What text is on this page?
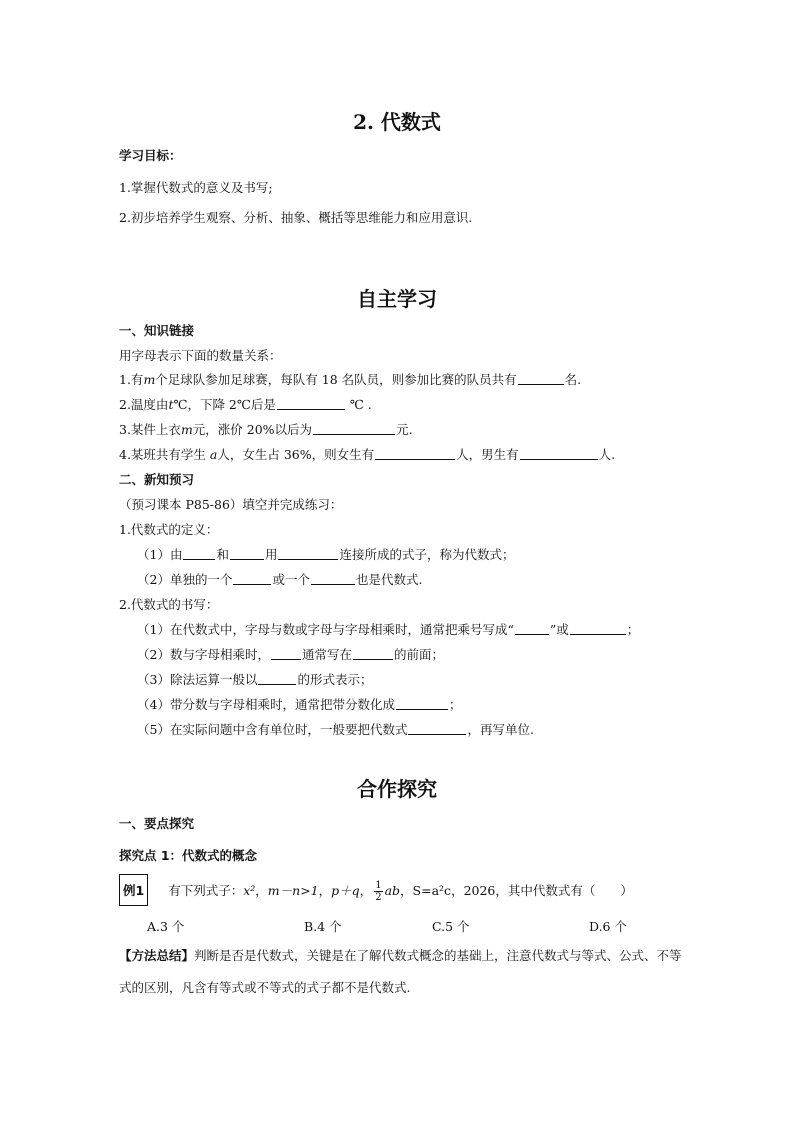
2. 代数式
学习目标：
1.掌握代数式的意义及书写;
2.初步培养学生观察、分析、抽象、概括等思维能力和应用意识.
自主学习
一、知识链接
用字母表示下面的数量关系：
1.有m个足球队参加足球赛，每队有 18 名队员，则参加比赛的队员共有	名.
2.温度由t℃，下降 2℃后是	℃ .
3.某件上衣m元，涨价 20%以后为	元.
4.某班共有学生 a人，女生占 36%，则女生有	人，男生有	人.
二、新知预习
（预习课本 P85-86）填空并完成练习：
1.代数式的定义：
（1）由	和	用	连接所成的式子，称为代数式；
（2）单独的一个	或一个	也是代数式.
2.代数式的书写：
（1）在代数式中，字母与数或字母与字母相乘时，通常把乘号写成“	”或	；
（2）数与字母相乘时，	通常写在	的前面；
（3）除法运算一般以	的形式表示；
（4）带分数与字母相乘时，通常把带分数化成	；
（5）在实际问题中含有单位时，一般要把代数式	，再写单位.
合作探究
一、要点探究
探究点 1：代数式的概念
例1 有下列式子：x²，m－n>1，p＋q， $\frac{1}{2}$ ab，S=a²c，2026，其中代数式有（　　）
A.3 个	B.4 个	C.5 个	D.6 个
【方法总结】判断是否是代数式，关键是在了解代数式概念的基础上，注意代数式与等式、公式、不等式的区别，凡含有等式或不等式的式子都不是代数式.
